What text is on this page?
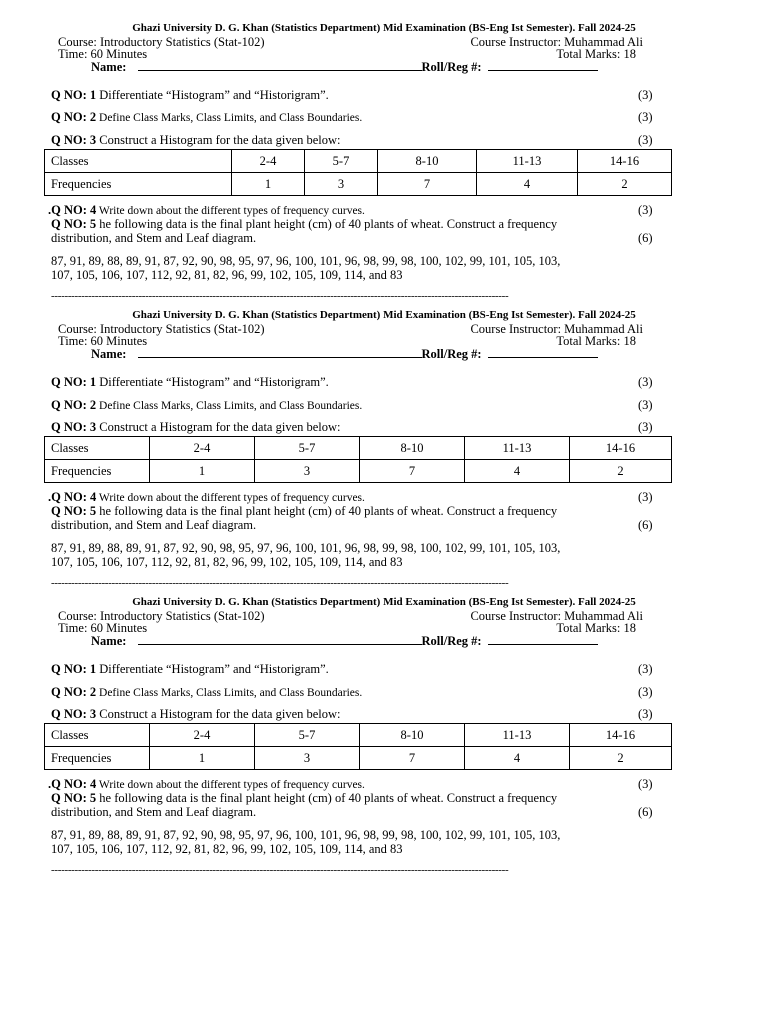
Ghazi University D. G. Khan (Statistics Department) Mid Examination (BS-Eng Ist Semester). Fall 2024-25
Course: Introductory Statistics (Stat-102)	Course Instructor: Muhammad Ali
Time: 60 Minutes	Total Marks: 18
Name:	Roll/Reg #:
Q NO: 1 Differentiate “Histogram” and “Historigram”.	(3)
Q NO: 2 Define Class Marks, Class Limits, and Class Boundaries.	(3)
Q NO: 3 Construct a Histogram for the data given below:	(3)
Classes	2-4	5-7	8-10	11-13	14-16
Frequencies	1	3	7	4	2
.Q NO: 4 Write down about the different types of frequency curves.	(3)
Q NO: 5 he following data is the final plant height (cm) of 40 plants of wheat. Construct a frequency
distribution, and Stem and Leaf diagram.	(6)
87, 91, 89, 88, 89, 91, 87, 92, 90, 98, 95, 97, 96, 100, 101, 96, 98, 99, 98, 100, 102, 99, 101, 105, 103,
107, 105, 106, 107, 112, 92, 81, 82, 96, 99, 102, 105, 109, 114, and 83
----------------------------------------------------------------------------------------------------------------------------------------
Ghazi University D. G. Khan (Statistics Department) Mid Examination (BS-Eng Ist Semester). Fall 2024-25
Course: Introductory Statistics (Stat-102)	Course Instructor: Muhammad Ali
Time: 60 Minutes	Total Marks: 18
Name:	Roll/Reg #:
Q NO: 1 Differentiate “Histogram” and “Historigram”.	(3)
Q NO: 2 Define Class Marks, Class Limits, and Class Boundaries.	(3)
Q NO: 3 Construct a Histogram for the data given below:	(3)
Classes	2-4	5-7	8-10	11-13	14-16
Frequencies	1	3	7	4	2
.Q NO: 4 Write down about the different types of frequency curves.	(3)
Q NO: 5 he following data is the final plant height (cm) of 40 plants of wheat. Construct a frequency
distribution, and Stem and Leaf diagram.	(6)
87, 91, 89, 88, 89, 91, 87, 92, 90, 98, 95, 97, 96, 100, 101, 96, 98, 99, 98, 100, 102, 99, 101, 105, 103,
107, 105, 106, 107, 112, 92, 81, 82, 96, 99, 102, 105, 109, 114, and 83
----------------------------------------------------------------------------------------------------------------------------------------
Ghazi University D. G. Khan (Statistics Department) Mid Examination (BS-Eng Ist Semester). Fall 2024-25
Course: Introductory Statistics (Stat-102)	Course Instructor: Muhammad Ali
Time: 60 Minutes	Total Marks: 18
Name:	Roll/Reg #:
Q NO: 1 Differentiate “Histogram” and “Historigram”.	(3)
Q NO: 2 Define Class Marks, Class Limits, and Class Boundaries.	(3)
Q NO: 3 Construct a Histogram for the data given below:	(3)
Classes	2-4	5-7	8-10	11-13	14-16
Frequencies	1	3	7	4	2
.Q NO: 4 Write down about the different types of frequency curves.	(3)
Q NO: 5 he following data is the final plant height (cm) of 40 plants of wheat. Construct a frequency
distribution, and Stem and Leaf diagram.	(6)
87, 91, 89, 88, 89, 91, 87, 92, 90, 98, 95, 97, 96, 100, 101, 96, 98, 99, 98, 100, 102, 99, 101, 105, 103,
107, 105, 106, 107, 112, 92, 81, 82, 96, 99, 102, 105, 109, 114, and 83
----------------------------------------------------------------------------------------------------------------------------------------
